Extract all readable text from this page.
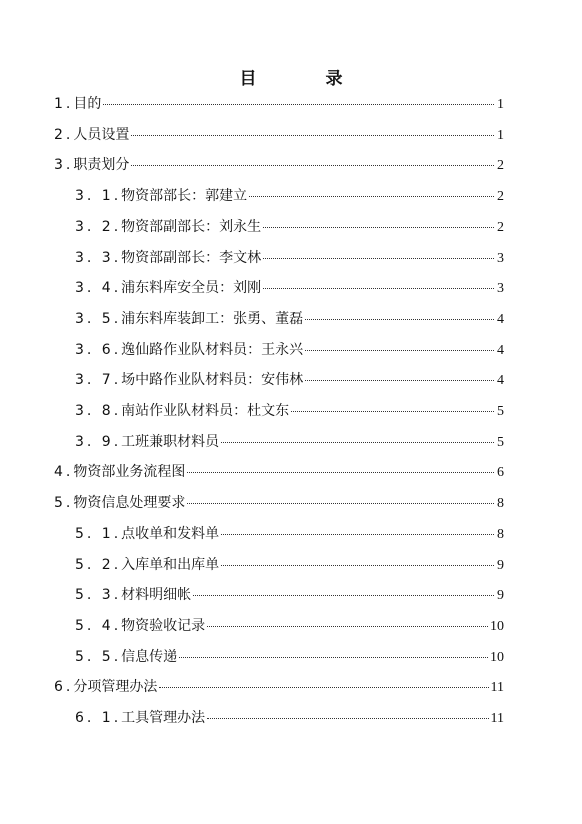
目　录
1. 目的	1
2. 人员设置	1
3. 职责划分	2
3. 1. 物资部部长：郭建立	2
3. 2. 物资部副部长：刘永生	2
3. 3. 物资部副部长：李文林	3
3. 4. 浦东料库安全员：刘刚	3
3. 5. 浦东料库装卸工：张勇、董磊	4
3. 6. 逸仙路作业队材料员：王永兴	4
3. 7. 场中路作业队材料员：安伟林	4
3. 8. 南站作业队材料员：杜文东	5
3. 9. 工班兼职材料员	5
4. 物资部业务流程图	6
5. 物资信息处理要求	8
5. 1. 点收单和发料单	8
5. 2. 入库单和出库单	9
5. 3. 材料明细帐	9
5. 4. 物资验收记录	10
5. 5. 信息传递	10
6. 分项管理办法	11
6. 1. 工具管理办法	11
